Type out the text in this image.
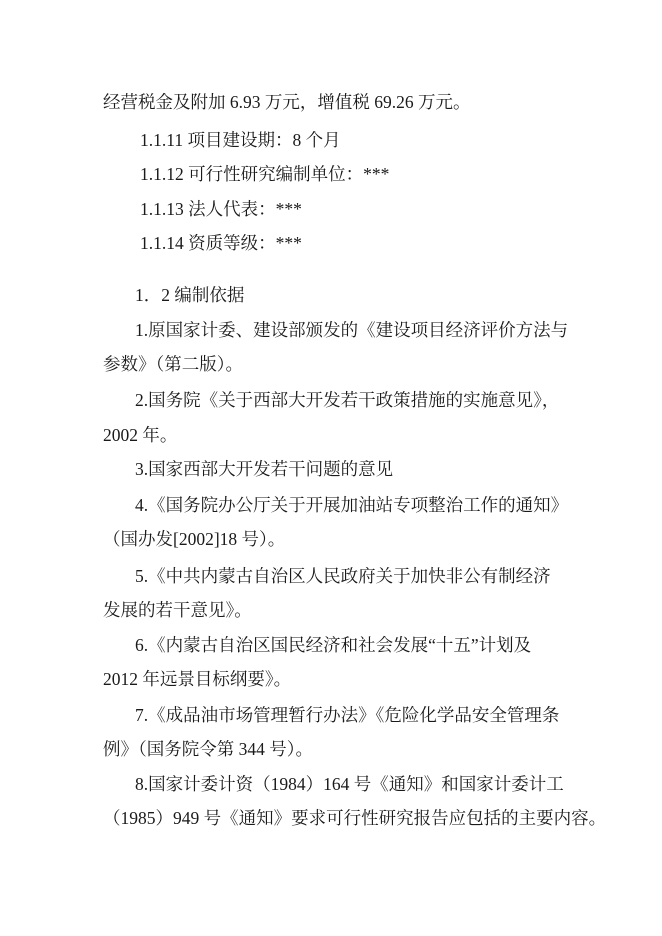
经营税金及附加 6.93 万元，增值税 69.26 万元。
1.1.11 项目建设期：8 个月
1.1.12 可行性研究编制单位：***
1.1.13 法人代表：***
1.1.14 资质等级：***
1．2 编制依据
1.原国家计委、建设部颁发的《建设项目经济评价方法与
参数》（第二版）。
2.国务院《关于西部大开发若干政策措施的实施意见》，
2002 年。
3.国家西部大开发若干问题的意见
4.《国务院办公厅关于开展加油站专项整治工作的通知》
（国办发[2002]18 号）。
5.《中共内蒙古自治区人民政府关于加快非公有制经济
发展的若干意见》。
6.《内蒙古自治区国民经济和社会发展“十五”计划及
2012 年远景目标纲要》。
7.《成品油市场管理暂行办法》《危险化学品安全管理条
例》（国务院令第 344 号）。
8.国家计委计资（1984）164 号《通知》和国家计委计工
（1985）949 号《通知》要求可行性研究报告应包括的主要内容。
